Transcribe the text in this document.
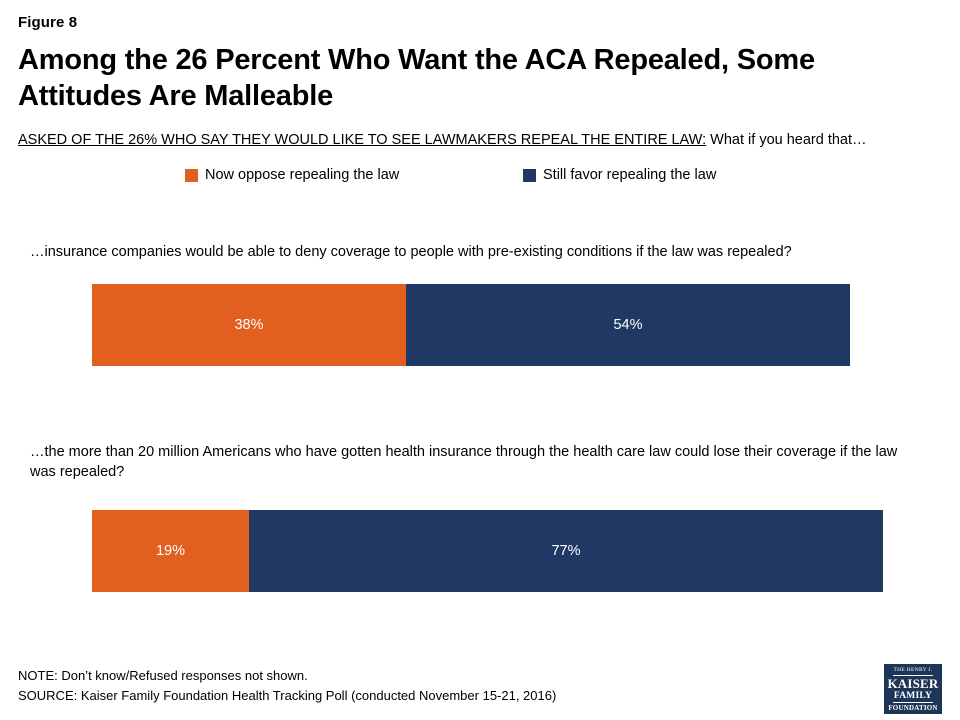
Figure 8
Among the 26 Percent Who Want the ACA Repealed, Some Attitudes Are Malleable
ASKED OF THE 26% WHO SAY THEY WOULD LIKE TO SEE LAWMAKERS REPEAL THE ENTIRE LAW: What if you heard that…
Now oppose repealing the law	Still favor repealing the law
…insurance companies would be able to deny coverage to people with pre-existing conditions if the law was repealed?
38%	54%
…the more than 20 million Americans who have gotten health insurance through the health care law could lose their coverage if the law was repealed?
19%	77%
NOTE: Don’t know/Refused responses not shown.
SOURCE: Kaiser Family Foundation Health Tracking Poll (conducted November 15-21, 2016)
THE HENRY J.
KAISER
FAMILY
FOUNDATION
